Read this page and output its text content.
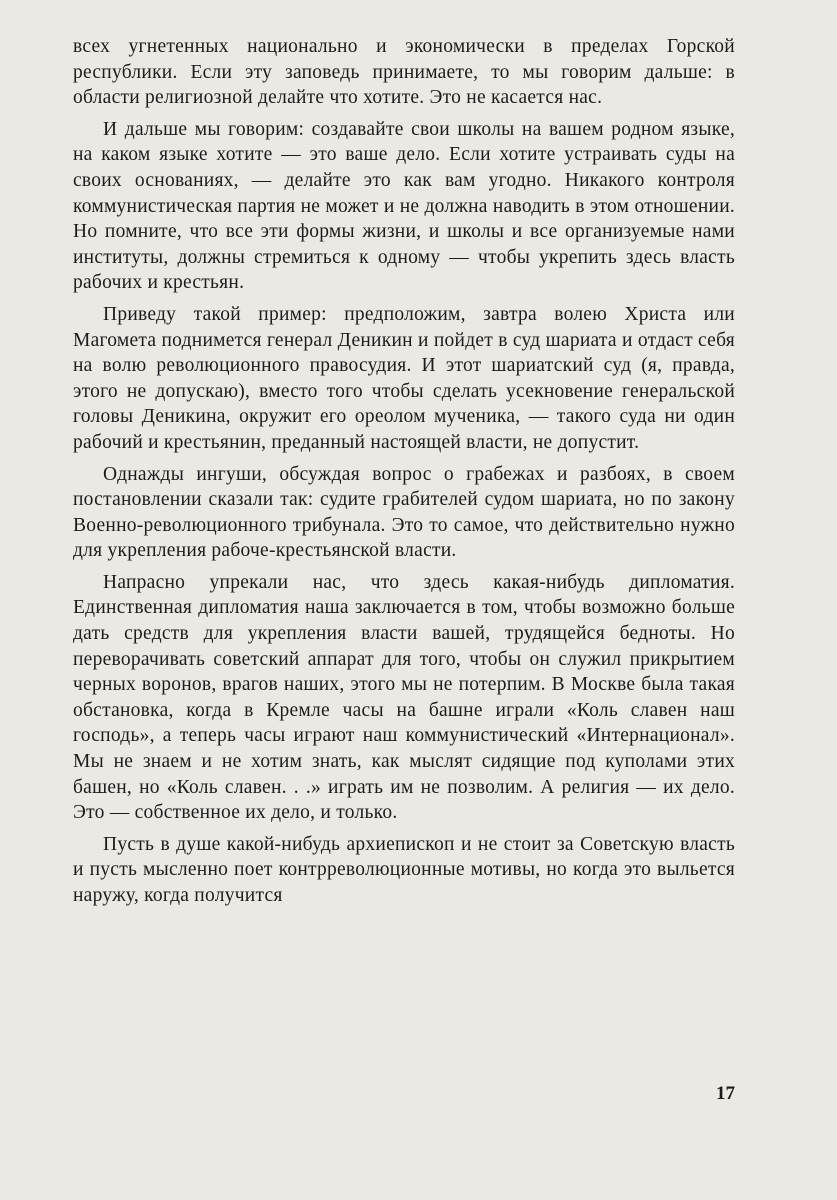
всех угнетенных национально и экономически в пределах Горской республики. Если эту заповедь принимаете, то мы говорим дальше: в области религиозной делайте что хотите. Это не касается нас.

И дальше мы говорим: создавайте свои школы на вашем родном языке, на каком языке хотите — это ваше дело. Если хотите устраивать суды на своих основаниях, — делайте это как вам угодно. Никакого контроля коммунистическая партия не может и не должна наводить в этом отношении. Но помните, что все эти формы жизни, и школы и все организуемые нами институты, должны стремиться к одному — чтобы укрепить здесь власть рабочих и крестьян.

Приведу такой пример: предположим, завтра волею Христа или Магомета поднимется генерал Деникин и пойдет в суд шариата и отдаст себя на волю революционного правосудия. И этот шариатский суд (я, правда, этого не допускаю), вместо того чтобы сделать усекновение генеральской головы Деникина, окружит его ореолом мученика, — такого суда ни один рабочий и крестьянин, преданный настоящей власти, не допустит.

Однажды ингуши, обсуждая вопрос о грабежах и разбоях, в своем постановлении сказали так: судите грабителей судом шариата, но по закону Военно-революционного трибунала. Это то самое, что действительно нужно для укрепления рабоче-крестьянской власти.

Напрасно упрекали нас, что здесь какая-нибудь дипломатия. Единственная дипломатия наша заключается в том, чтобы возможно больше дать средств для укрепления власти вашей, трудящейся бедноты. Но переворачивать советский аппарат для того, чтобы он служил прикрытием черных воронов, врагов наших, этого мы не потерпим. В Москве была такая обстановка, когда в Кремле часы на башне играли «Коль славен наш господь», а теперь часы играют наш коммунистический «Интернационал». Мы не знаем и не хотим знать, как мыслят сидящие под куполами этих башен, но «Коль славен. . .» играть им не позволим. А религия — их дело. Это — собственное их дело, и только.

Пусть в душе какой-нибудь архиепископ и не стоит за Советскую власть и пусть мысленно поет контрреволюционные мотивы, но когда это выльется наружу, когда получится

17
